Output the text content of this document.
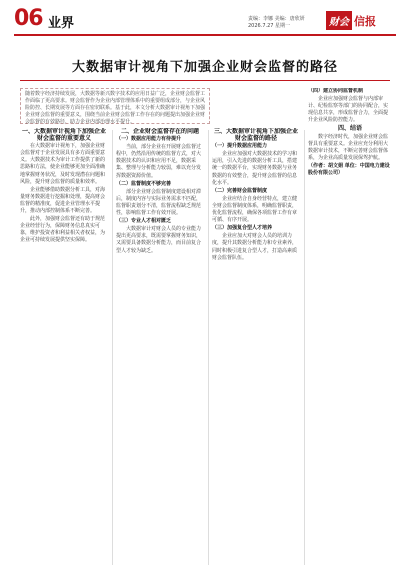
06 业界	责编：李娜 美编：唐欣妍
2026.7.27 星期一	财会 信报
大数据审计视角下加强企业财会监督的路径
随着数字经济持续发展，大数据等新兴数字技术的应用日益广泛，企业财会监督工作面临了更高要求。财会监督作为企业内部管理体系中的重要组成部分，与企业风险防控、长期发展等方面存在密切联系。基于此，本文分析大数据审计视角下加强企业财会监督的重要意义，围绕当前企业财会监督工作存在的问题提出加强企业财会监督的有效路径，助力企业内部治理水平提升。

一、大数据审计视角下加强企业财会监督的重要意义

在大数据审计视角下，加强企业财会监督对于企业发展具有多方面重要意义。大数据技术为审计工作提供了新的思路和方法，使企业能够更加全面准确地掌握财务状况，及时发现潜在问题和风险，提升财会监督的质量和效率。

企业能够借助数据分析工具，对海量财务数据进行挖掘和处理，提高财会监督的精准度，促进企业管理水平提升，推动内部控制体系不断完善。

此外，加强财会监督还有助于规范企业经营行为，保障财务信息真实可靠，维护投资者和利益相关者权益，为企业可持续发展提供坚实保障。

二、企业财会监督存在的问题

（一）数据应用能力有待提升

当前，部分企业在开展财会监督过程中，仍然沿用传统的监督方式，对大数据技术的认识和应用不足，数据采集、整理与分析能力较弱，难以充分发挥数据资源价值。

（二）监督制度不够完善

部分企业财会监督制度建设相对滞后，制度内容与实际业务需求不匹配，监督职责划分不清，监督流程缺乏规范性，影响监督工作有效开展。

（三）专业人才相对匮乏

大数据审计对财会人员的专业能力提出更高要求，既需要掌握财务知识，又需要具备数据分析能力，而目前复合型人才较为缺乏。

三、大数据审计视角下加强企业财会监督的路径

（一）提升数据应用能力

企业应加强对大数据技术的学习和运用，引入先进的数据分析工具，搭建统一的数据平台，实现财务数据与业务数据的有效整合，提升财会监督的信息化水平。

（二）完善财会监督制度

企业应结合自身经营特点，建立健全财会监督制度体系，明确监督职责，优化监督流程，确保各项监督工作有章可循、有序开展。

（三）加强复合型人才培养

企业应加大对财会人员的培训力度，提升其数据分析能力和专业素养，同时积极引进复合型人才，打造高素质财会监督队伍。

（四）建立协同监督机制

企业应加强财会监督与内部审计、纪检监察等部门的协同配合，实现信息共享，形成监督合力，全面提升企业风险防控能力。

四、结语

数字经济时代，加强企业财会监督具有重要意义。企业应充分利用大数据审计技术，不断完善财会监督体系，为企业高质量发展保驾护航。

（作者：胡文娟 单位：中国电力建设股份有限公司）
